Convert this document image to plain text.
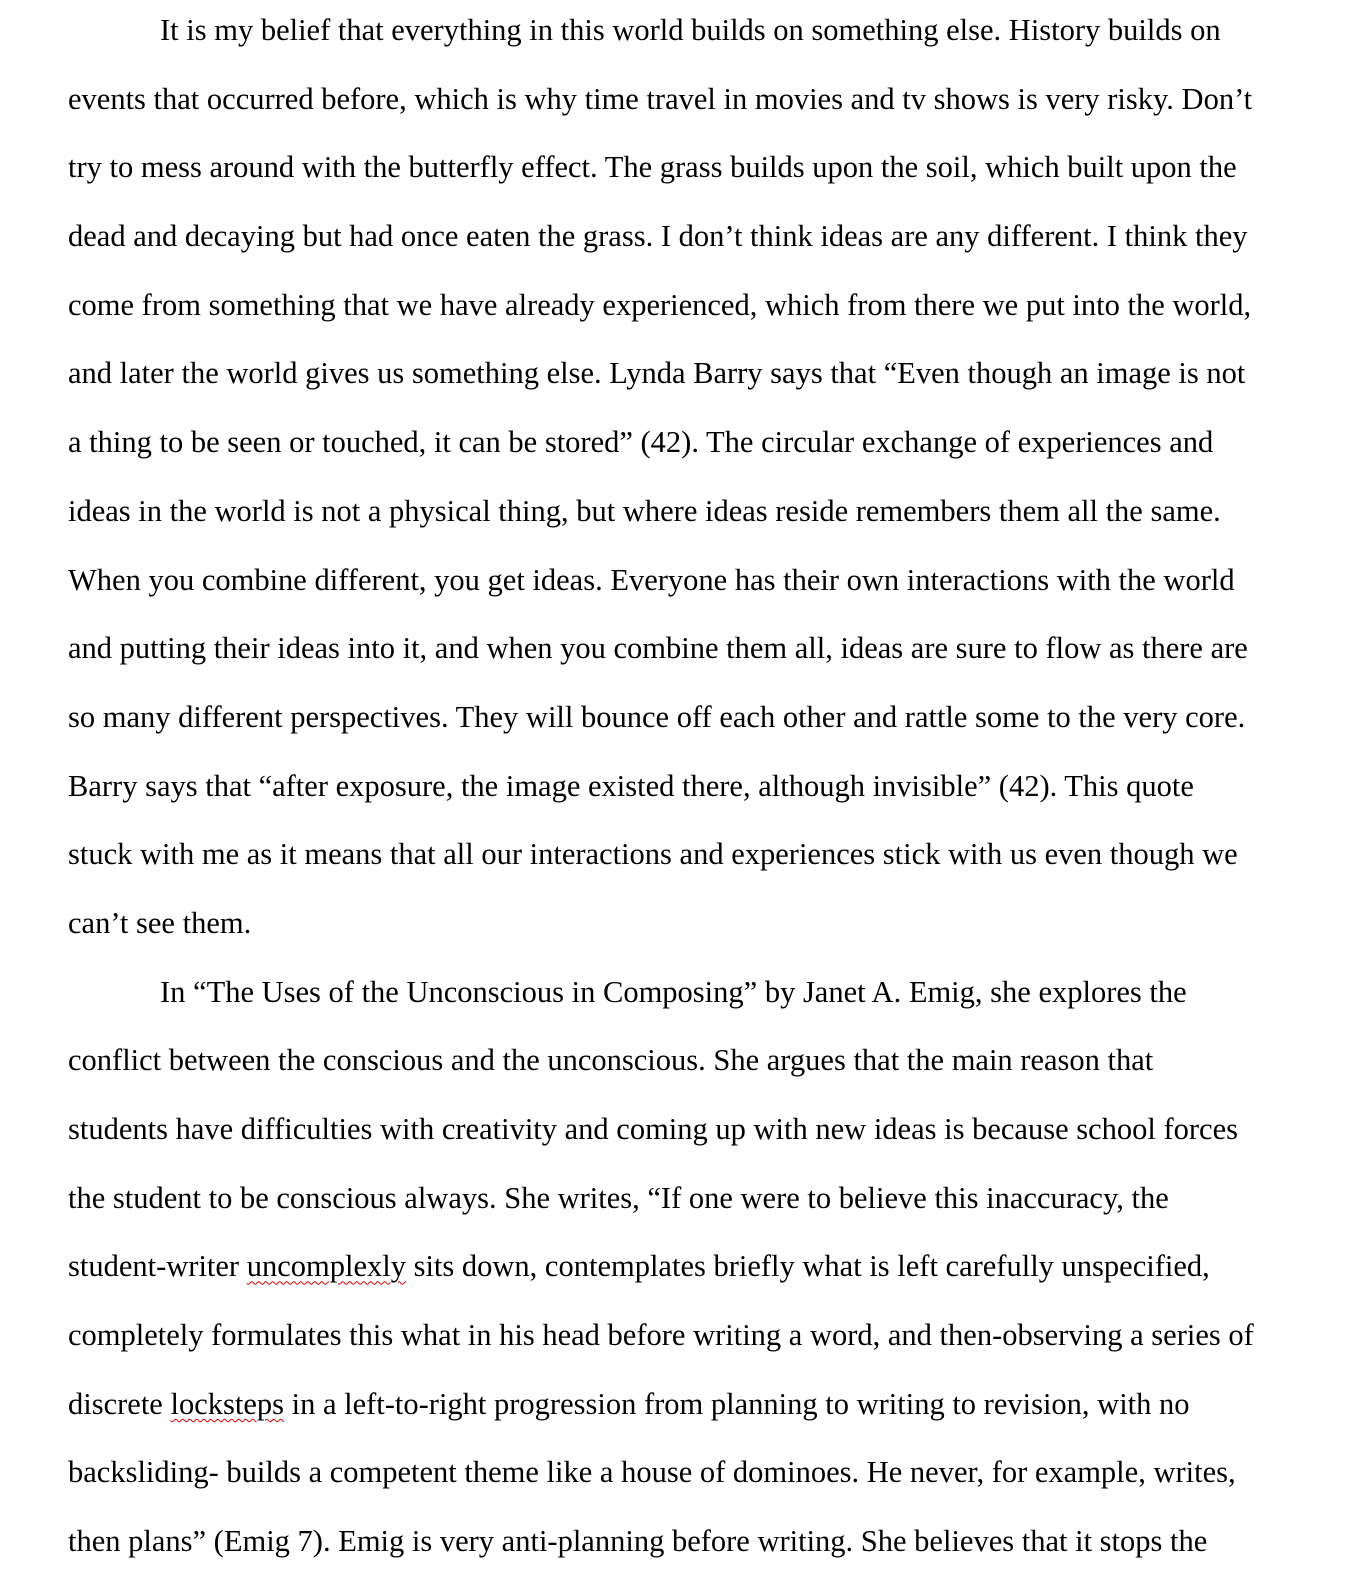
It is my belief that everything in this world builds on something else. History builds on
events that occurred before, which is why time travel in movies and tv shows is very risky. Don’t
try to mess around with the butterfly effect. The grass builds upon the soil, which built upon the
dead and decaying but had once eaten the grass. I don’t think ideas are any different. I think they
come from something that we have already experienced, which from there we put into the world,
and later the world gives us something else. Lynda Barry says that “Even though an image is not
a thing to be seen or touched, it can be stored” (42). The circular exchange of experiences and
ideas in the world is not a physical thing, but where ideas reside remembers them all the same.
When you combine different, you get ideas. Everyone has their own interactions with the world
and putting their ideas into it, and when you combine them all, ideas are sure to flow as there are
so many different perspectives. They will bounce off each other and rattle some to the very core.
Barry says that “after exposure, the image existed there, although invisible” (42). This quote
stuck with me as it means that all our interactions and experiences stick with us even though we
can’t see them.
In “The Uses of the Unconscious in Composing” by Janet A. Emig, she explores the
conflict between the conscious and the unconscious. She argues that the main reason that
students have difficulties with creativity and coming up with new ideas is because school forces
the student to be conscious always. She writes, “If one were to believe this inaccuracy, the
student-writer uncomplexly sits down, contemplates briefly what is left carefully unspecified,
completely formulates this what in his head before writing a word, and then-observing a series of
discrete locksteps in a left-to-right progression from planning to writing to revision, with no
backsliding- builds a competent theme like a house of dominoes. He never, for example, writes,
then plans” (Emig 7). Emig is very anti-planning before writing. She believes that it stops the
